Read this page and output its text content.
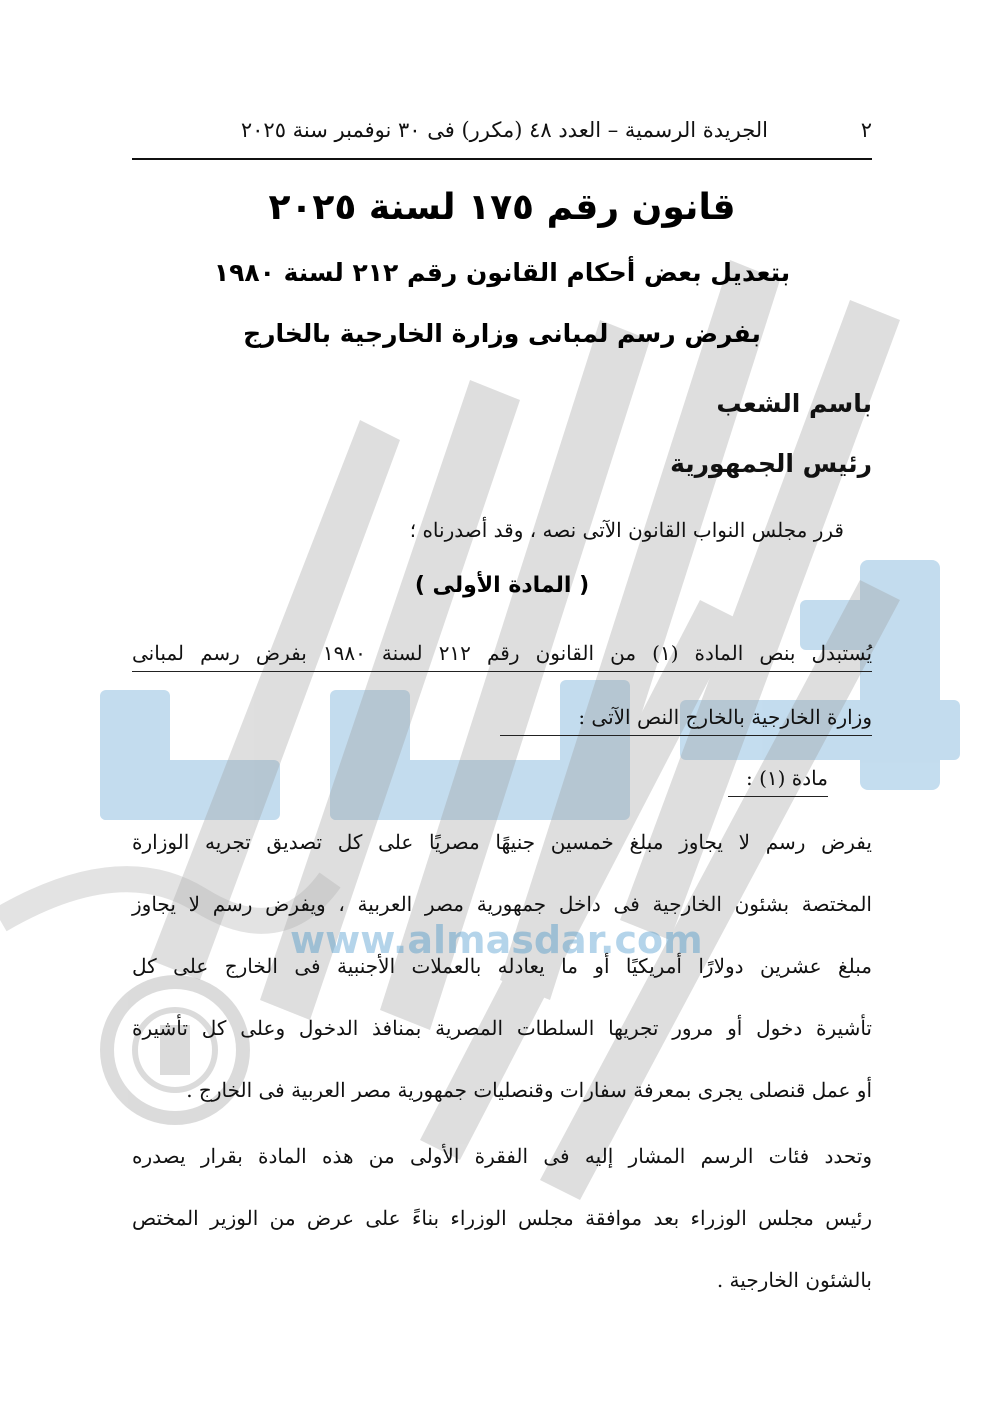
٢
الجريدة الرسمية – العدد ٤٨ (مكرر) فى ٣٠ نوفمبر سنة ٢٠٢٥
قانون رقم ١٧٥ لسنة ٢٠٢٥
بتعديل بعض أحكام القانون رقم ٢١٢ لسنة ١٩٨٠
بفرض رسم لمبانى وزارة الخارجية بالخارج
باسم الشعب
رئيس الجمهورية
قرر مجلس النواب القانون الآتى نصه ، وقد أصدرناه ؛
( المادة الأولى )
يُستبدل بنص المادة (١) من القانون رقم ٢١٢ لسنة ١٩٨٠ بفرض رسم لمبانى
وزارة الخارجية بالخارج النص الآتى :
مادة (١) :
يفرض رسم لا يجاوز مبلغ خمسين جنيهًا مصريًا على كل تصديق تجريه الوزارة
المختصة بشئون الخارجية فى داخل جمهورية مصر العربية ، ويفرض رسم لا يجاوز
مبلغ عشرين دولارًا أمريكيًا أو ما يعادله بالعملات الأجنبية فى الخارج على كل
تأشيرة دخول أو مرور تجريها السلطات المصرية بمنافذ الدخول وعلى كل تأشيرة
أو عمل قنصلى يجرى بمعرفة سفارات وقنصليات جمهورية مصر العربية فى الخارج .
وتحدد فئات الرسم المشار إليه فى الفقرة الأولى من هذه المادة بقرار يصدره
رئيس مجلس الوزراء بعد موافقة مجلس الوزراء بناءً على عرض من الوزير المختص
بالشئون الخارجية .
www.almasdar.com
